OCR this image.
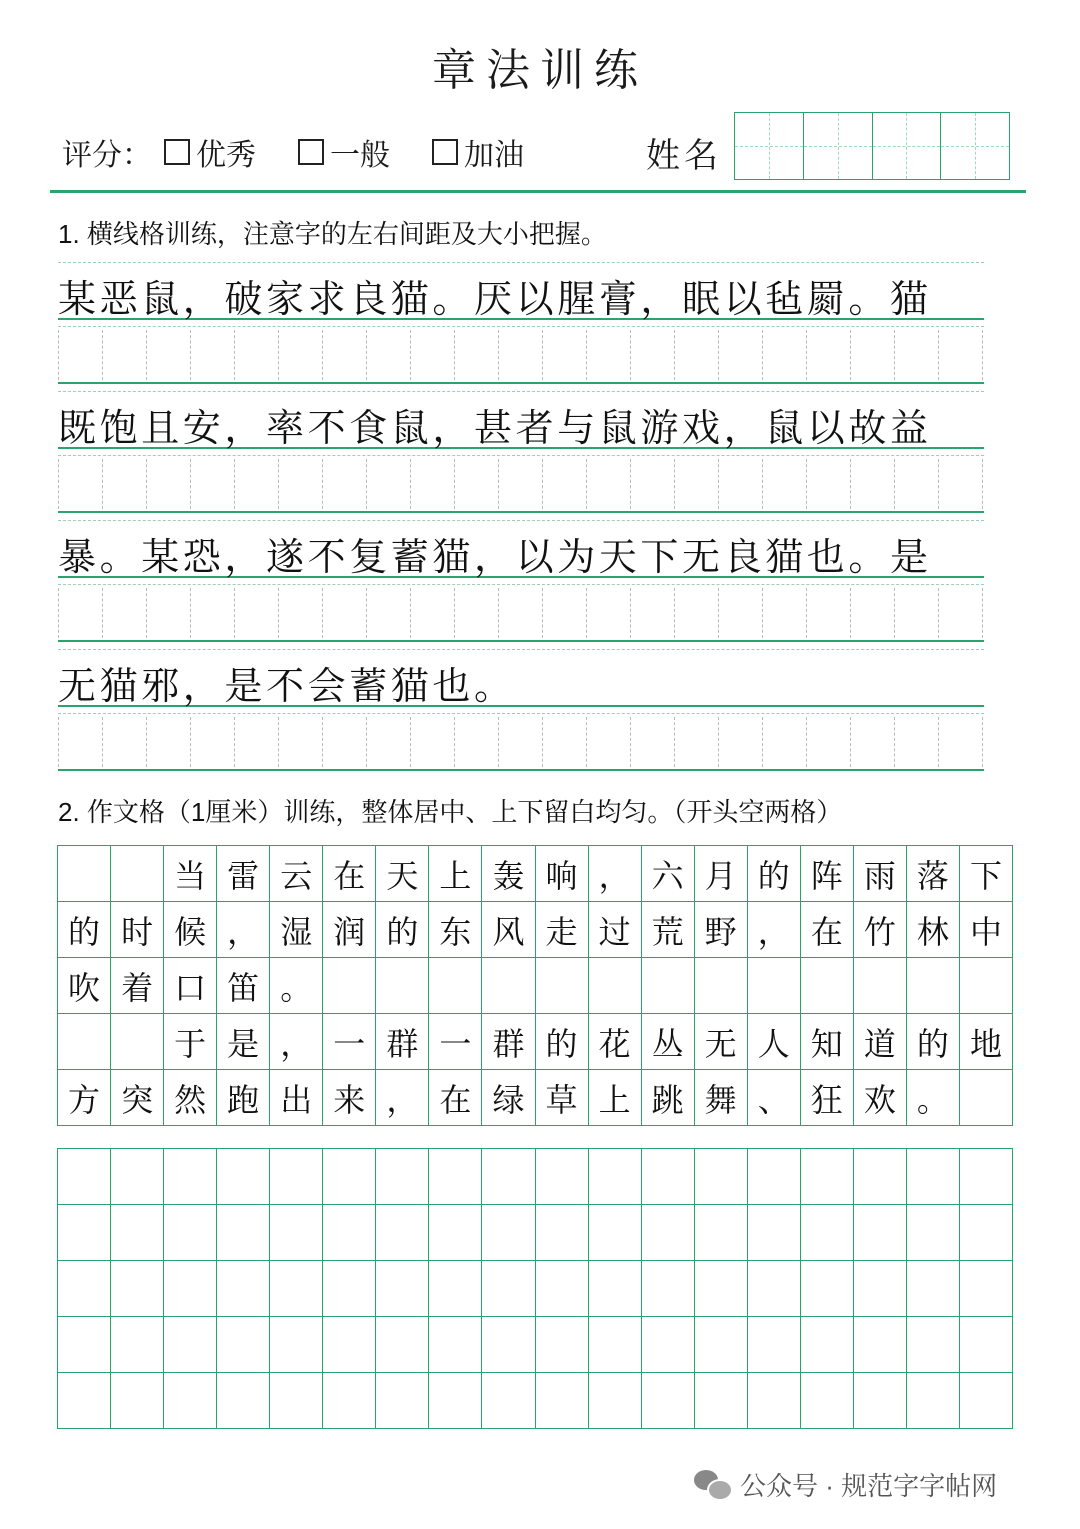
章法训练
评分： 优秀 一般 加油	姓名
1. 横线格训练，注意字的左右间距及大小把握。
某恶鼠，破家求良猫。厌以腥膏，眠以毡罽。猫
既饱且安，率不食鼠，甚者与鼠游戏，鼠以故益
暴。某恐，遂不复蓄猫，以为天下无良猫也。是
无猫邪，是不会蓄猫也。
2. 作文格（1厘米）训练，整体居中、上下留白均匀。（开头空两格）
当 雷 云 在 天 上 轰 响 ， 六 月 的 阵 雨 落 下
的 时 候 ， 湿 润 的 东 风 走 过 荒 野 ， 在 竹 林 中
吹 着 口 笛 。
于 是 ， 一 群 一 群 的 花 丛 无 人 知 道 的 地
方 突 然 跑 出 来 ， 在 绿 草 上 跳 舞 、 狂 欢 。
公众号 · 规范字字帖网
